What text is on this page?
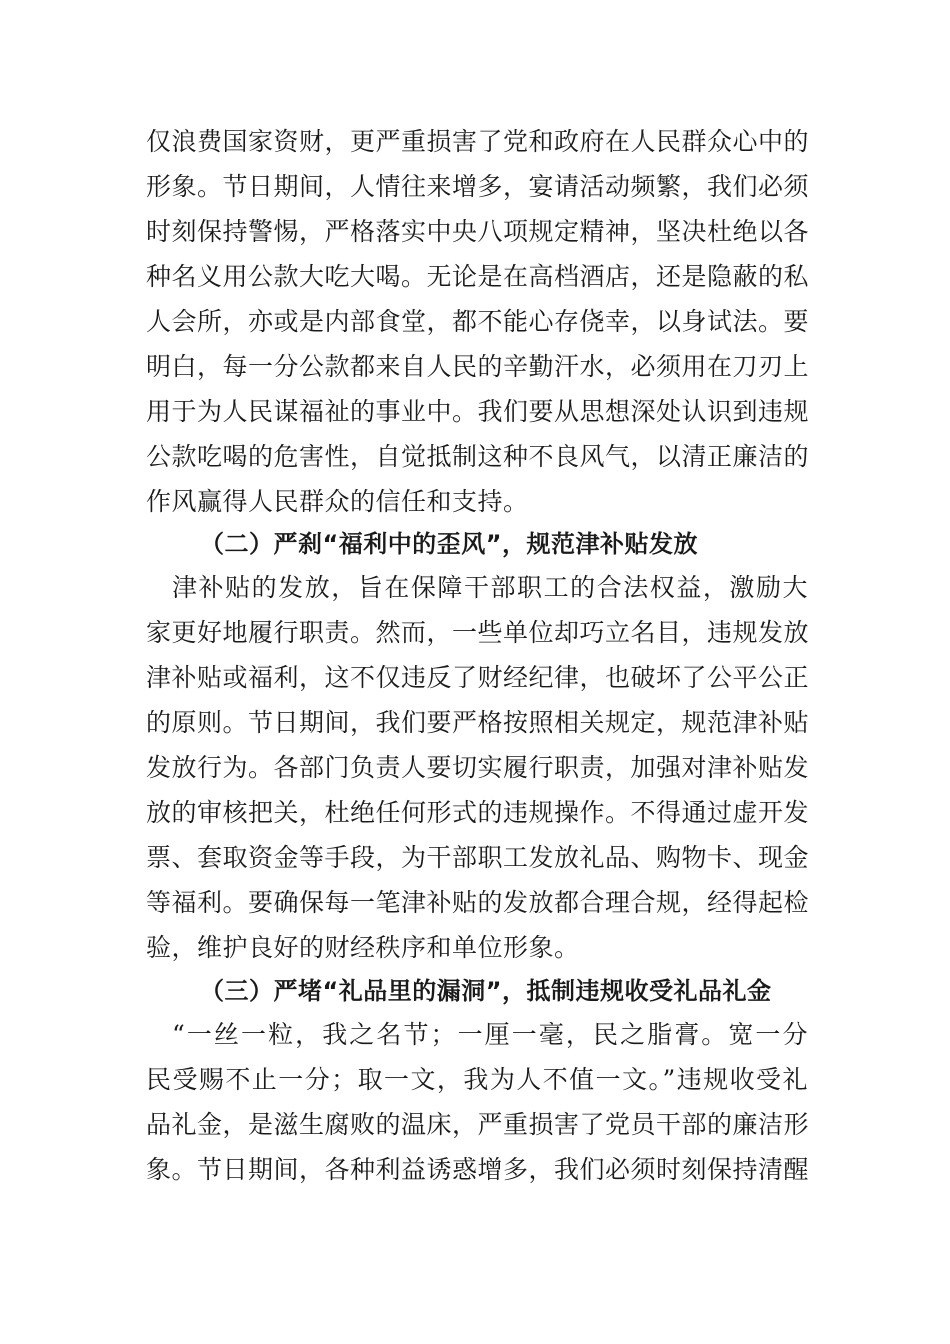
仅浪费国家资财，更严重损害了党和政府在人民群众心中的
形象。节日期间，人情往来增多，宴请活动频繁，我们必须
时刻保持警惕，严格落实中央八项规定精神，坚决杜绝以各
种名义用公款大吃大喝。无论是在高档酒店，还是隐蔽的私
人会所，亦或是内部食堂，都不能心存侥幸，以身试法。要
明白，每一分公款都来自人民的辛勤汗水，必须用在刀刃上
用于为人民谋福祉的事业中。我们要从思想深处认识到违规
公款吃喝的危害性，自觉抵制这种不良风气，以清正廉洁的
作风赢得人民群众的信任和支持。
（二）严刹“福利中的歪风”，规范津补贴发放
津补贴的发放，旨在保障干部职工的合法权益，激励大
家更好地履行职责。然而，一些单位却巧立名目，违规发放
津补贴或福利，这不仅违反了财经纪律，也破坏了公平公正
的原则。节日期间，我们要严格按照相关规定，规范津补贴
发放行为。各部门负责人要切实履行职责，加强对津补贴发
放的审核把关，杜绝任何形式的违规操作。不得通过虚开发
票、套取资金等手段，为干部职工发放礼品、购物卡、现金
等福利。要确保每一笔津补贴的发放都合理合规，经得起检
验，维护良好的财经秩序和单位形象。
（三）严堵“礼品里的漏洞”，抵制违规收受礼品礼金
“一丝一粒，我之名节；一厘一毫，民之脂膏。宽一分
民受赐不止一分；取一文，我为人不值一文。”违规收受礼
品礼金，是滋生腐败的温床，严重损害了党员干部的廉洁形
象。节日期间，各种利益诱惑增多，我们必须时刻保持清醒
